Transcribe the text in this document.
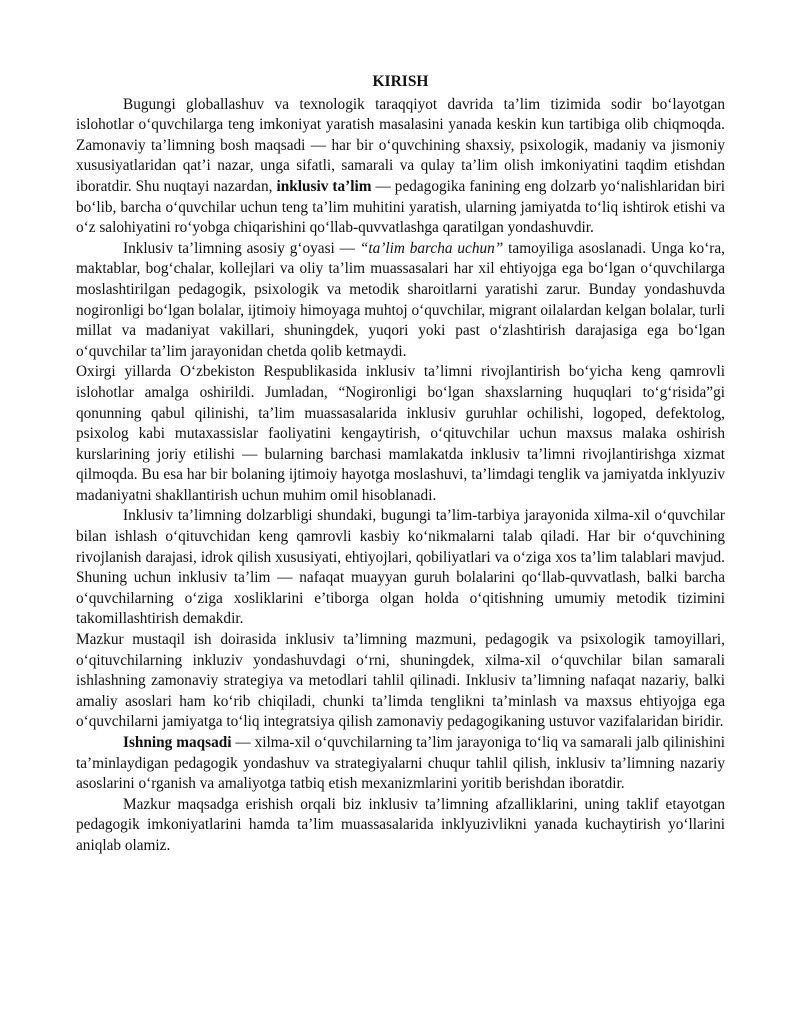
KIRISH

Bugungi globallashuv va texnologik taraqqiyot davrida ta’lim tizimida sodir bo‘layotgan islohotlar o‘quvchilarga teng imkoniyat yaratish masalasini yanada keskin kun tartibiga olib chiqmoqda. Zamonaviy ta’limning bosh maqsadi — har bir o‘quvchining shaxsiy, psixologik, madaniy va jismoniy xususiyatlaridan qat’i nazar, unga sifatli, samarali va qulay ta’lim olish imkoniyatini taqdim etishdan iboratdir. Shu nuqtayi nazardan, inklusiv ta’lim — pedagogika fanining eng dolzarb yo‘nalishlaridan biri bo‘lib, barcha o‘quvchilar uchun teng ta’lim muhitini yaratish, ularning jamiyatda to‘liq ishtirok etishi va o‘z salohiyatini ro‘yobga chiqarishini qo‘llab-quvvatlashga qaratilgan yondashuvdir.

Inklusiv ta’limning asosiy g‘oyasi — “ta’lim barcha uchun” tamoyiliga asoslanadi. Unga ko‘ra, maktablar, bog‘chalar, kollejlari va oliy ta’lim muassasalari har xil ehtiyojga ega bo‘lgan o‘quvchilarga moslashtirilgan pedagogik, psixologik va metodik sharoitlarni yaratishi zarur. Bunday yondashuvda nogironligi bo‘lgan bolalar, ijtimoiy himoyaga muhtoj o‘quvchilar, migrant oilalardan kelgan bolalar, turli millat va madaniyat vakillari, shuningdek, yuqori yoki past o‘zlashtirish darajasiga ega bo‘lgan o‘quvchilar ta’lim jarayonidan chetda qolib ketmaydi.

Oxirgi yillarda O‘zbekiston Respublikasida inklusiv ta’limni rivojlantirish bo‘yicha keng qamrovli islohotlar amalga oshirildi. Jumladan, “Nogironligi bo‘lgan shaxslarning huquqlari to‘g‘risida”gi qonunning qabul qilinishi, ta’lim muassasalarida inklusiv guruhlar ochilishi, logoped, defektolog, psixolog kabi mutaxassislar faoliyatini kengaytirish, o‘qituvchilar uchun maxsus malaka oshirish kurslarining joriy etilishi — bularning barchasi mamlakatda inklusiv ta’limni rivojlantirishga xizmat qilmoqda. Bu esa har bir bolaning ijtimoiy hayotga moslashuvi, ta’limdagi tenglik va jamiyatda inklyuziv madaniyatni shakllantirish uchun muhim omil hisoblanadi.

Inklusiv ta’limning dolzarbligi shundaki, bugungi ta’lim-tarbiya jarayonida xilma-xil o‘quvchilar bilan ishlash o‘qituvchidan keng qamrovli kasbiy ko‘nikmalarni talab qiladi. Har bir o‘quvchining rivojlanish darajasi, idrok qilish xususiyati, ehtiyojlari, qobiliyatlari va o‘ziga xos ta’lim talablari mavjud. Shuning uchun inklusiv ta’lim — nafaqat muayyan guruh bolalarini qo‘llab-quvvatlash, balki barcha o‘quvchilarning o‘ziga xosliklarini e’tiborga olgan holda o‘qitishning umumiy metodik tizimini takomillashtirish demakdir.

Mazkur mustaqil ish doirasida inklusiv ta’limning mazmuni, pedagogik va psixologik tamoyillari, o‘qituvchilarning inkluziv yondashuvdagi o‘rni, shuningdek, xilma-xil o‘quvchilar bilan samarali ishlashning zamonaviy strategiya va metodlari tahlil qilinadi. Inklusiv ta’limning nafaqat nazariy, balki amaliy asoslari ham ko‘rib chiqiladi, chunki ta’limda tenglikni ta’minlash va maxsus ehtiyojga ega o‘quvchilarni jamiyatga to‘liq integratsiya qilish zamonaviy pedagogikaning ustuvor vazifalaridan biridir.

Ishning maqsadi — xilma-xil o‘quvchilarning ta’lim jarayoniga to‘liq va samarali jalb qilinishini ta’minlaydigan pedagogik yondashuv va strategiyalarni chuqur tahlil qilish, inklusiv ta’limning nazariy asoslarini o‘rganish va amaliyotga tatbiq etish mexanizmlarini yoritib berishdan iboratdir.

Mazkur maqsadga erishish orqali biz inklusiv ta’limning afzalliklarini, uning taklif etayotgan pedagogik imkoniyatlarini hamda ta’lim muassasalarida inklyuzivlikni yanada kuchaytirish yo‘llarini aniqlab olamiz.
